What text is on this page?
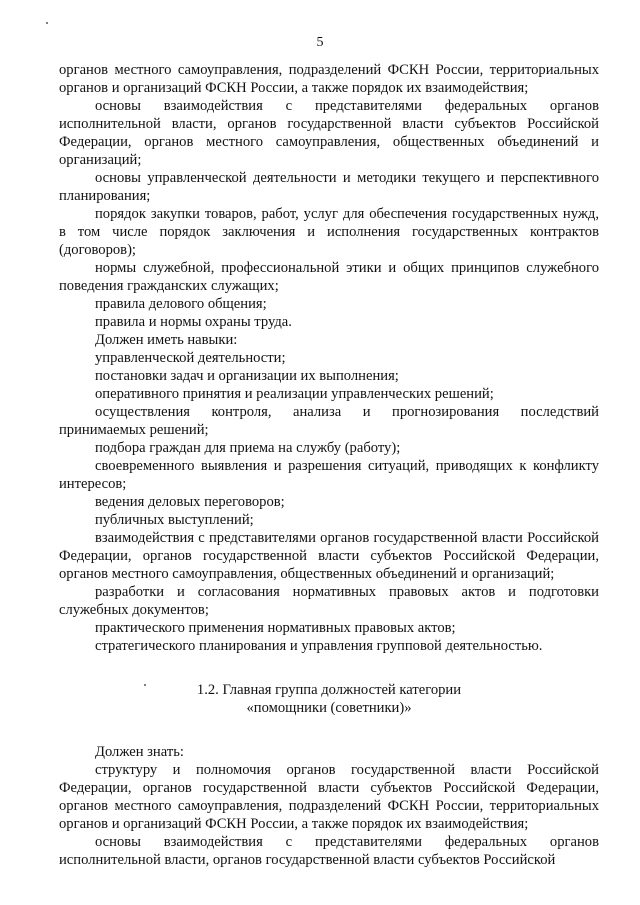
5

органов местного самоуправления, подразделений ФСКН России, территориальных органов и организаций ФСКН России, а также порядок их взаимодействия;

основы взаимодействия с представителями федеральных органов исполнительной власти, органов государственной власти субъектов Российской Федерации, органов местного самоуправления, общественных объединений и организаций;

основы управленческой деятельности и методики текущего и перспективного планирования;

порядок закупки товаров, работ, услуг для обеспечения государственных нужд, в том числе порядок заключения и исполнения государственных контрактов (договоров);

нормы служебной, профессиональной этики и общих принципов служебного поведения гражданских служащих;

правила делового общения;

правила и нормы охраны труда.

Должен иметь навыки:

управленческой деятельности;

постановки задач и организации их выполнения;

оперативного принятия и реализации управленческих решений;

осуществления контроля, анализа и прогнозирования последствий принимаемых решений;

подбора граждан для приема на службу (работу);

своевременного выявления и разрешения ситуаций, приводящих к конфликту интересов;

ведения деловых переговоров;

публичных выступлений;

взаимодействия с представителями органов государственной власти Российской Федерации, органов государственной власти субъектов Российской Федерации, органов местного самоуправления, общественных объединений и организаций;

разработки и согласования нормативных правовых актов и подготовки служебных документов;

практического применения нормативных правовых актов;

стратегического планирования и управления групповой деятельностью.

1.2. Главная группа должностей категории

«помощники (советники)»

Должен знать:

структуру и полномочия органов государственной власти Российской Федерации, органов государственной власти субъектов Российской Федерации, органов местного самоуправления, подразделений ФСКН России, территориальных органов и организаций ФСКН России, а также порядок их взаимодействия;

основы взаимодействия с представителями федеральных органов исполнительной власти, органов государственной власти субъектов Российской
